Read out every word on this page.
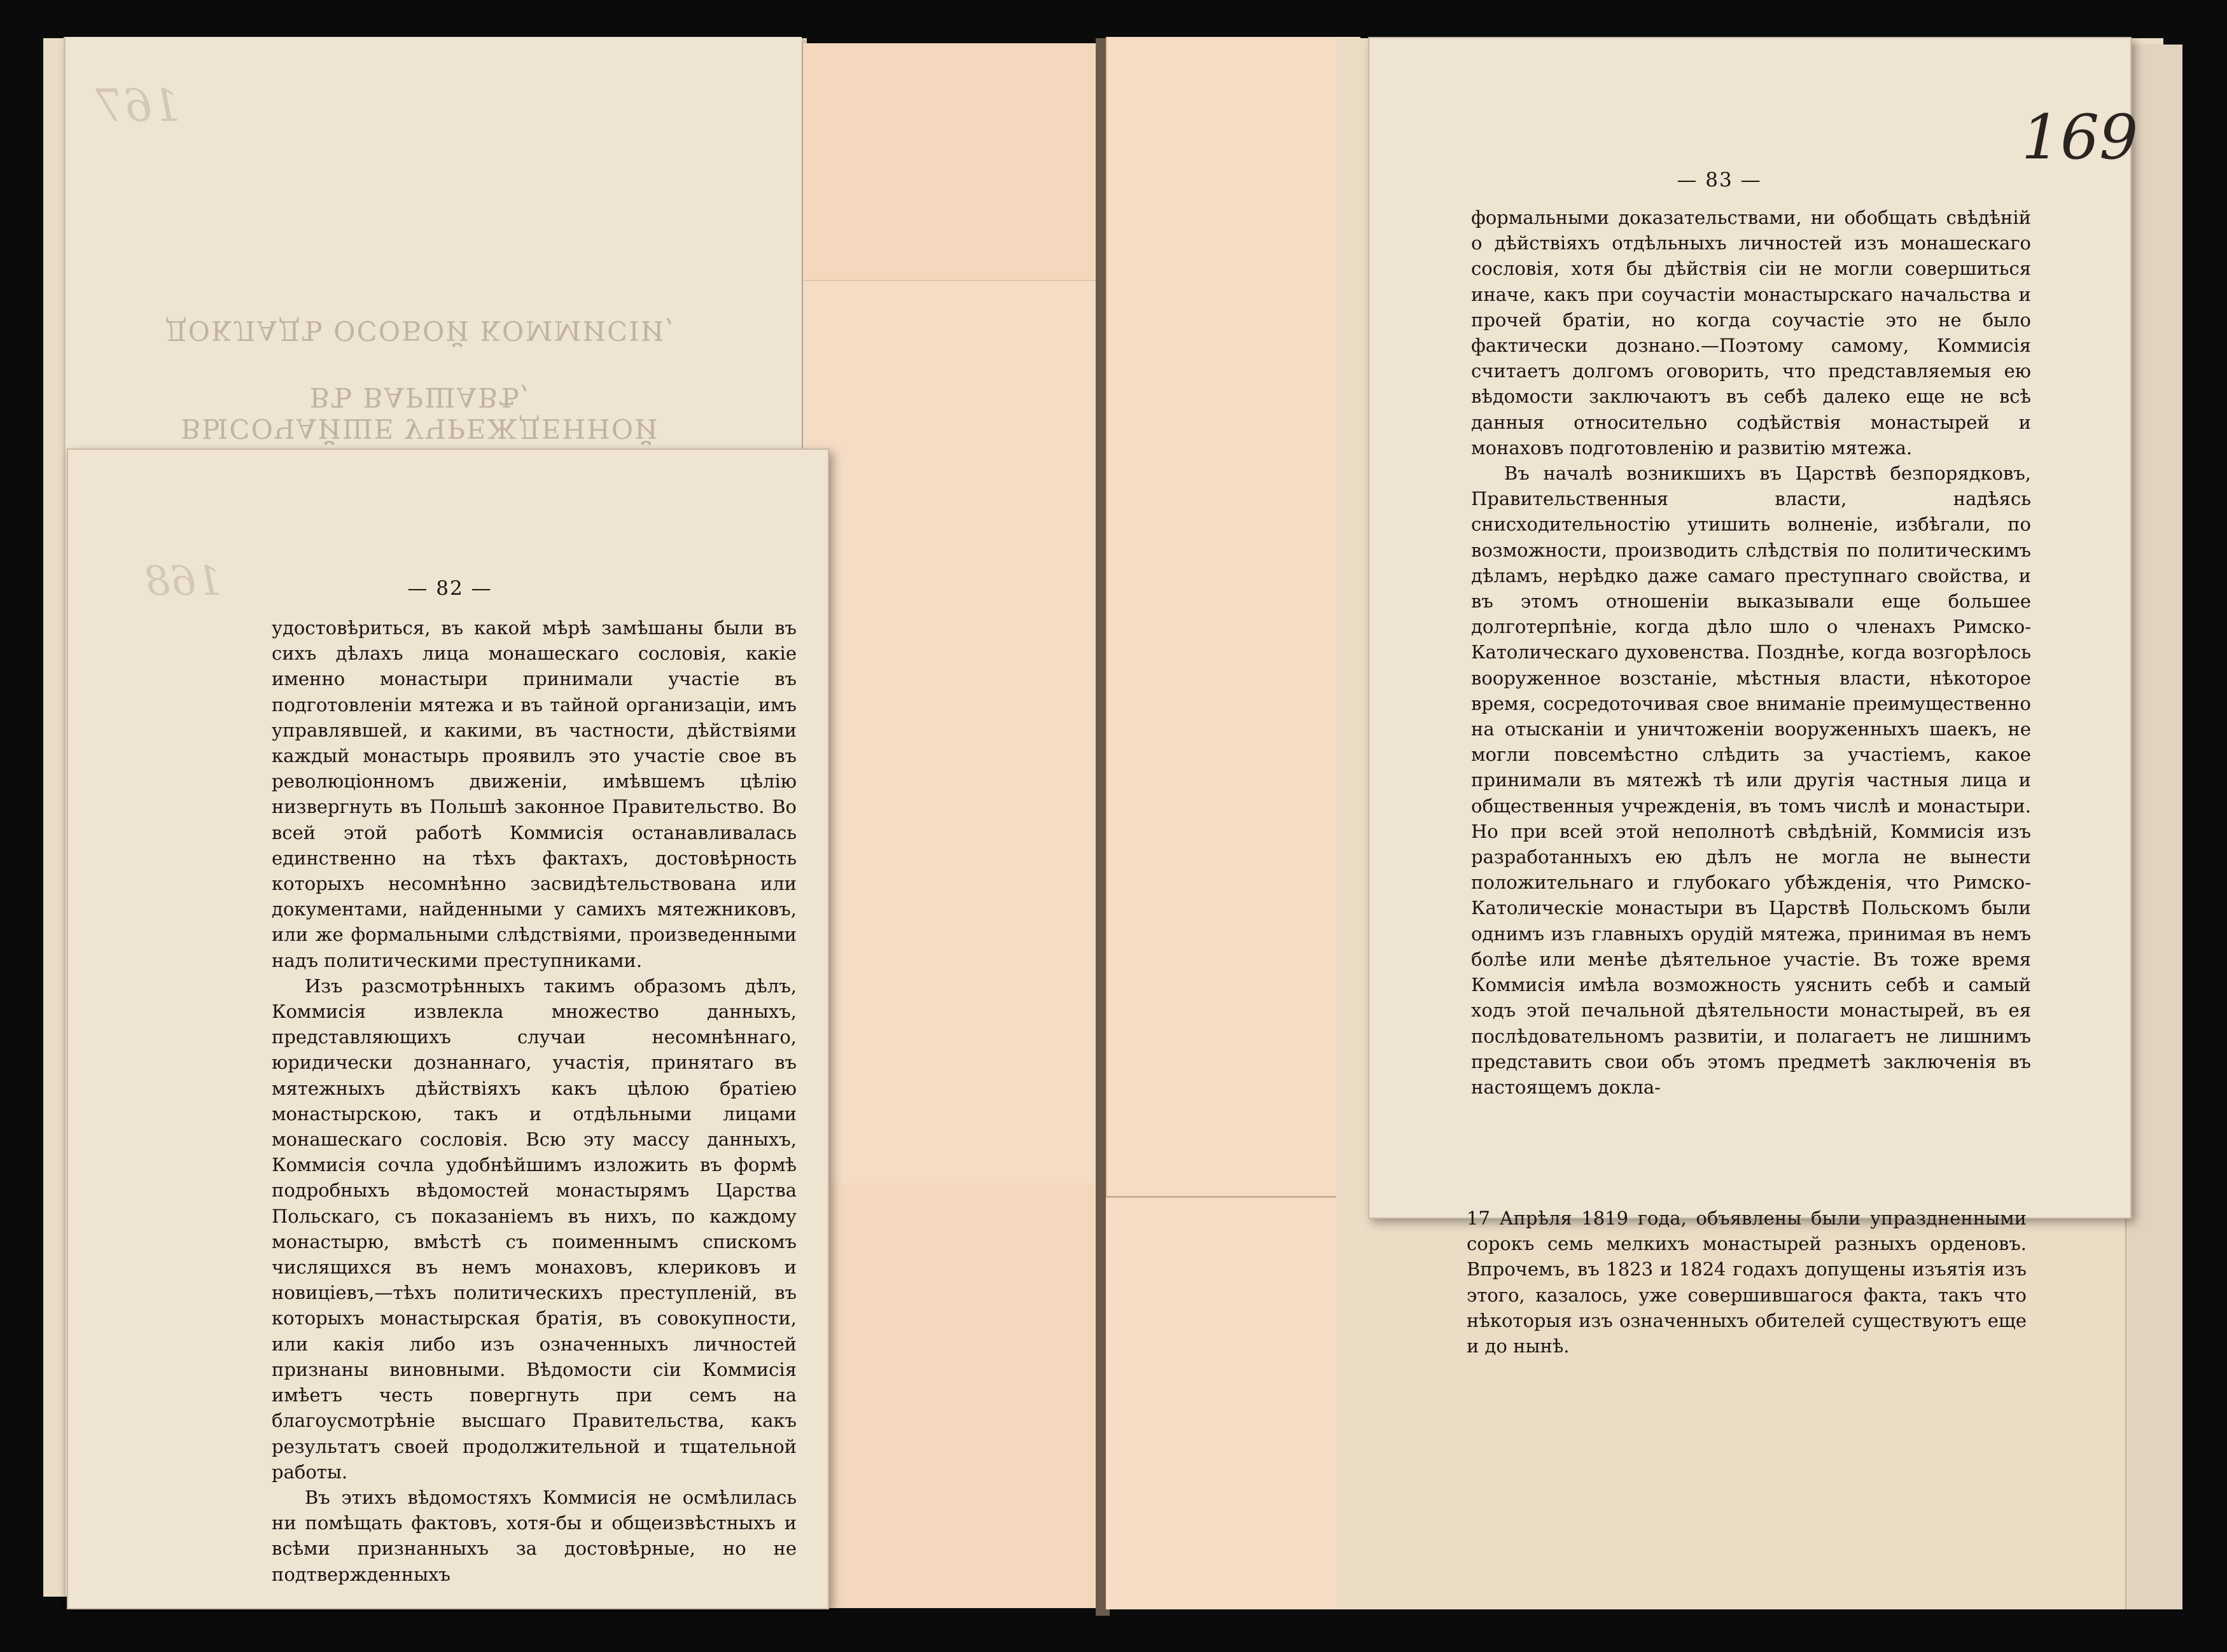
167
ДОКЛАДЪ ОСОБОЙ КОММИСІИ,
ВЫСОЧАЙШЕ УЧРЕЖДЕННОЙ ВЪ ВАРШАВѢ,
168	— 82 —

удостовѣриться, въ какой мѣрѣ замѣшаны были въ сихъ дѣлахъ лица монашескаго сословія, какіе именно монастыри принимали участіе въ подготовленіи мятежа и въ тайной организаціи, имъ управлявшей, и какими, въ частности, дѣйствіями каждый монастырь проявилъ это участіе свое въ революціонномъ движеніи, имѣвшемъ цѣлію низвергнуть въ Польшѣ законное Правительство. Во всей этой работѣ Коммисія останавливалась единственно на тѣхъ фактахъ, достовѣрность которыхъ несомнѣнно засвидѣтельствована или документами, найденными у самихъ мятежниковъ, или же формальными слѣдствіями, произведенными надъ политическими преступниками.

Изъ разсмотрѣнныхъ такимъ образомъ дѣлъ, Коммисія извлекла множество данныхъ, представляющихъ случаи несомнѣннаго, юридически дознаннаго, участія, принятаго въ мятежныхъ дѣйствіяхъ какъ цѣлою братіею монастырскою, такъ и отдѣльными лицами монашескаго сословія. Всю эту массу данныхъ, Коммисія сочла удобнѣйшимъ изложить въ формѣ подробныхъ вѣдомостей монастырямъ Царства Польскаго, съ показаніемъ въ нихъ, по каждому монастырю, вмѣстѣ съ поименнымъ спискомъ числящихся въ немъ монаховъ, клериковъ и новиціевъ,—тѣхъ политическихъ преступленій, въ которыхъ монастырская братія, въ совокупности, или какія либо изъ означенныхъ личностей признаны виновными. Вѣдомости сіи Коммисія имѣетъ честь повергнуть при семъ на благоусмотрѣніе высшаго Правительства, какъ результатъ своей продолжительной и тщательной работы.

Въ этихъ вѣдомостяхъ Коммисія не осмѣлилась ни помѣщать фактовъ, хотя-бы и общеизвѣстныхъ и всѣми признанныхъ за достовѣрные, но не подтвержденныхъ

169
— 83 —

формальными доказательствами, ни обобщать свѣдѣній о дѣйствіяхъ отдѣльныхъ личностей изъ монашескаго сословія, хотя бы дѣйствія сіи не могли совершиться иначе, какъ при соучастіи монастырскаго начальства и прочей братіи, но когда соучастіе это не было фактически дознано.—Поэтому самому, Коммисія считаетъ долгомъ оговорить, что представляемыя ею вѣдомости заключаютъ въ себѣ далеко еще не всѣ данныя относительно содѣйствія монастырей и монаховъ подготовленію и развитію мятежа.

Въ началѣ возникшихъ въ Царствѣ безпорядковъ, Правительственныя власти, надѣясь снисходительностію утишить волненіе, избѣгали, по возможности, производить слѣдствія по политическимъ дѣламъ, нерѣдко даже самаго преступнаго свойства, и въ этомъ отношеніи выказывали еще большее долготерпѣніе, когда дѣло шло о членахъ Римско-Католическаго духовенства. Позднѣе, когда возгорѣлось вооруженное возстаніе, мѣстныя власти, нѣкоторое время, сосредоточивая свое вниманіе преимущественно на отысканіи и уничтоженіи вооруженныхъ шаекъ, не могли повсемѣстно слѣдить за участіемъ, какое принимали въ мятежѣ тѣ или другія частныя лица и общественныя учрежденія, въ томъ числѣ и монастыри. Но при всей этой неполнотѣ свѣдѣній, Коммисія изъ разработанныхъ ею дѣлъ не могла не вынести положительнаго и глубокаго убѣжденія, что Римско-Католическіе монастыри въ Царствѣ Польскомъ были однимъ изъ главныхъ орудій мятежа, принимая въ немъ болѣе или менѣе дѣятельное участіе. Въ тоже время Коммисія имѣла возможность уяснить себѣ и самый ходъ этой печальной дѣятельности монастырей, въ ея послѣдовательномъ развитіи, и полагаетъ не лишнимъ представить свои объ этомъ предметѣ заключенія въ настоящемъ докла-

17 Апрѣля 1819 года, объявлены были упраздненными сорокъ семь мелкихъ монастырей разныхъ орденовъ. Впрочемъ, въ 1823 и 1824 годахъ допущены изъятія изъ этого, казалось, уже совершившагося факта, такъ что нѣкоторыя изъ означенныхъ обителей существуютъ еще и до нынѣ.
